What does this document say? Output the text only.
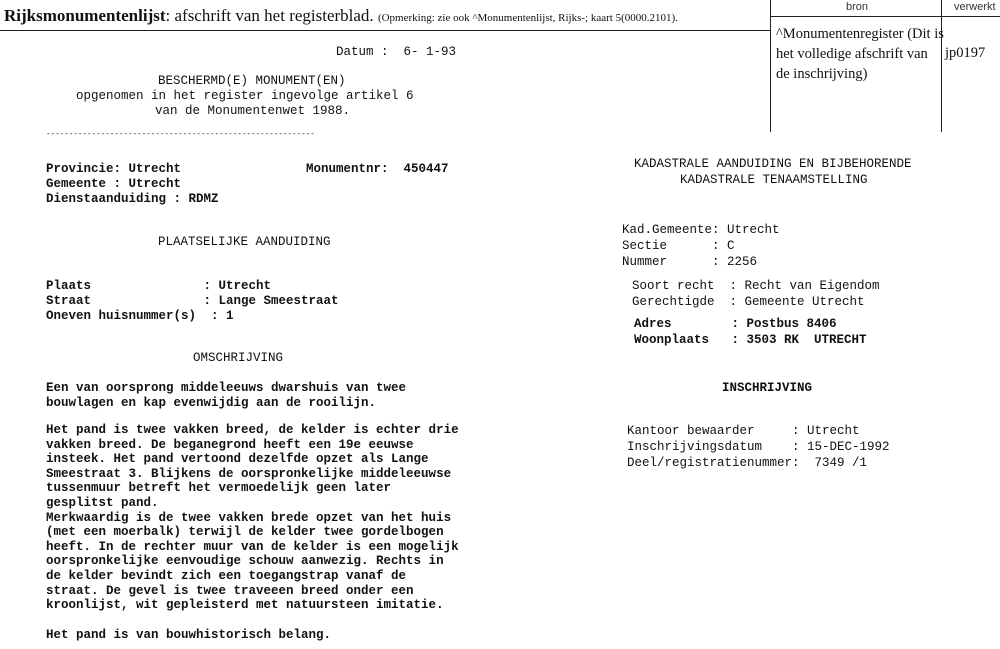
Rijksmonumentenlijst: afschrift van het registerblad. (Opmerking: zie ook ^Monumentenlijst, Rijks-; kaart 5(0000.2101).
bron	verwerkt
^Monumentenregister (Dit is het volledige afschrift van de inschrijving)
jp0197
Datum :  6- 1-93
BESCHERMD(E) MONUMENT(EN)
opgenomen in het register ingevolge artikel 6
van de Monumentenwet 1988.
-----------------------------------------------------------
Provincie: Utrecht	Monumentnr:  450447
Gemeente : Utrecht
Dienstaanduiding : RDMZ
PLAATSELIJKE AANDUIDING
Plaats               : Utrecht
Straat               : Lange Smeestraat
Oneven huisnummer(s)  : 1
OMSCHRIJVING
Een van oorsprong middeleeuws dwarshuis van twee
bouwlagen en kap evenwijdig aan de rooilijn.
Het pand is twee vakken breed, de kelder is echter drie
vakken breed. De beganegrond heeft een 19e eeuwse
insteek. Het pand vertoond dezelfde opzet als Lange
Smeestraat 3. Blijkens de oorspronkelijke middeleeuwse
tussenmuur betreft het vermoedelijk geen later
gesplitst pand.
Merkwaardig is de twee vakken brede opzet van het huis
(met een moerbalk) terwijl de kelder twee gordelbogen
heeft. In de rechter muur van de kelder is een mogelijk
oorspronkelijke eenvoudige schouw aanwezig. Rechts in
de kelder bevindt zich een toegangstrap vanaf de
straat. De gevel is twee traveeen breed onder een
kroonlijst, wit gepleisterd met natuursteen imitatie.
Het pand is van bouwhistorisch belang.
KADASTRALE AANDUIDING EN BIJBEHORENDE
KADASTRALE TENAAMSTELLING
Kad.Gemeente: Utrecht
Sectie      : C
Nummer      : 2256
Soort recht  : Recht van Eigendom
Gerechtigde  : Gemeente Utrecht
Adres        : Postbus 8406
Woonplaats   : 3503 RK  UTRECHT
INSCHRIJVING
Kantoor bewaarder     : Utrecht
Inschrijvingsdatum    : 15-DEC-1992
Deel/registratienummer:  7349 /1
